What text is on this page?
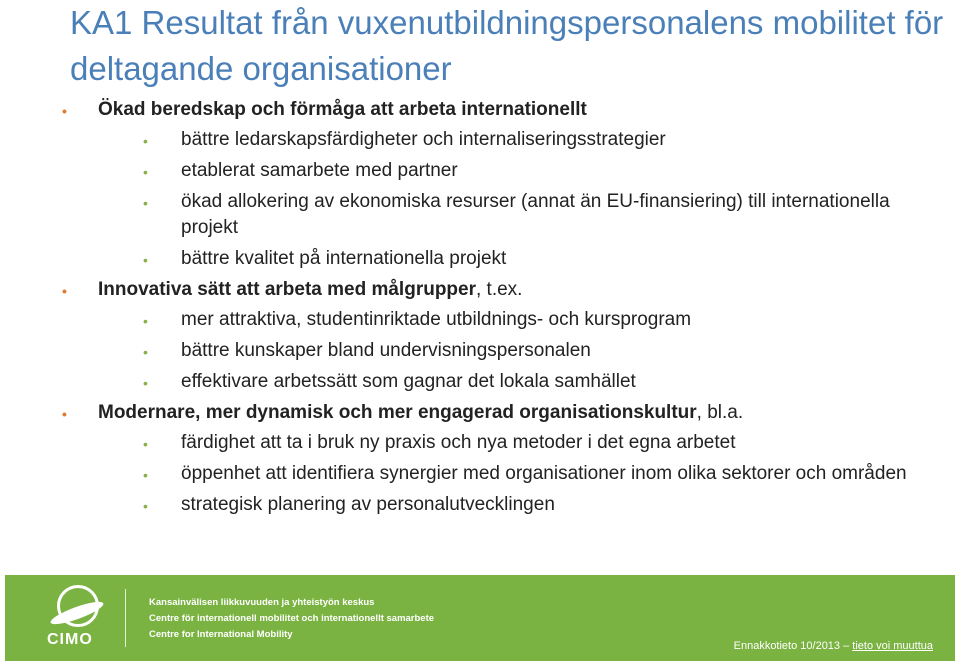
KA1 Resultat från vuxenutbildningspersonalens mobilitet för deltagande organisationer
• Ökad beredskap och förmåga att arbeta internationellt
• bättre ledarskapsfärdigheter och internaliseringsstrategier
• etablerat samarbete med partner
• ökad allokering av ekonomiska resurser (annat än EU-finansiering) till internationella projekt
• bättre kvalitet på internationella projekt
• Innovativa sätt att arbeta med målgrupper, t.ex.
• mer attraktiva, studentinriktade utbildnings- och kursprogram
• bättre kunskaper bland undervisningspersonalen
• effektivare arbetssätt som gagnar det lokala samhället
• Modernare, mer dynamisk och mer engagerad organisationskultur, bl.a.
• färdighet att ta i bruk ny praxis och nya metoder i det egna arbetet
• öppenhet att identifiera synergier med organisationer inom olika sektorer och områden
• strategisk planering av personalutvecklingen
CIMO
Kansainvälisen liikkuvuuden ja yhteistyön keskus
Centre för internationell mobilitet och internationellt samarbete
Centre for International Mobility
Ennakkotieto 10/2013 – tieto voi muuttua
